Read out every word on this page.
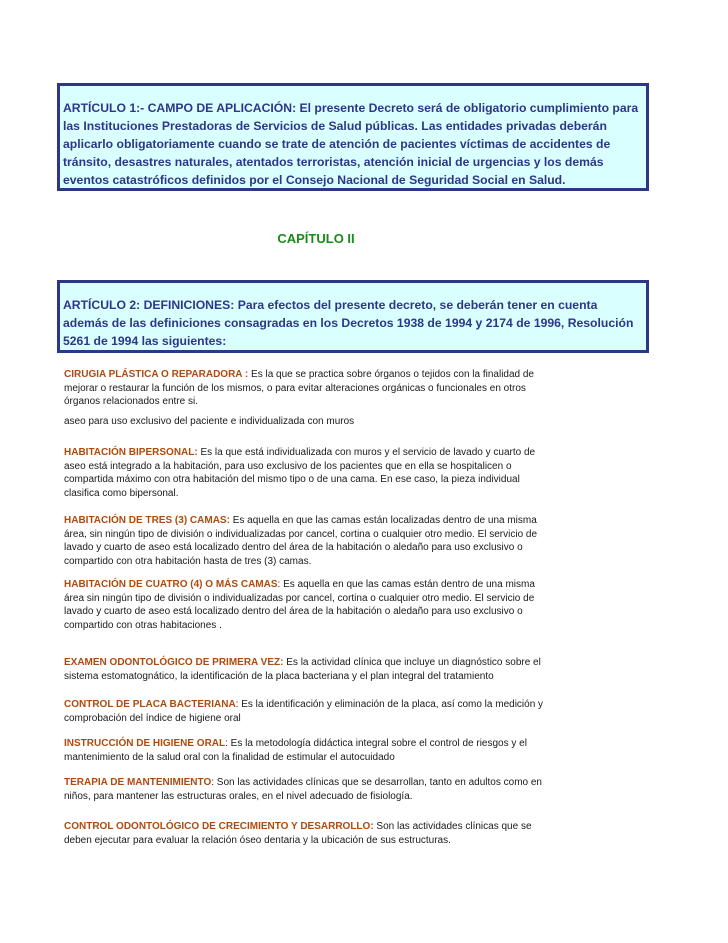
ARTÍCULO 1:- CAMPO DE APLICACIÓN: El presente Decreto será de obligatorio cumplimiento para las Instituciones Prestadoras de Servicios de Salud públicas. Las entidades privadas deberán aplicarlo obligatoriamente cuando se trate de atención de pacientes víctimas de accidentes de tránsito, desastres naturales, atentados terroristas, atención inicial de urgencias y los demás eventos catastróficos definidos por el Consejo Nacional de Seguridad Social en Salud.
CAPÍTULO II
ARTÍCULO 2: DEFINICIONES: Para efectos del presente decreto, se deberán tener en cuenta además de las definiciones consagradas en los Decretos 1938 de 1994 y 2174 de 1996, Resolución 5261 de 1994 las siguientes:
CIRUGIA PLÁSTICA O REPARADORA : Es la que se practica sobre órganos o tejidos con la finalidad de mejorar o restaurar la función de los mismos, o para evitar alteraciones orgánicas o funcionales en otros órganos relacionados entre si.
aseo para uso exclusivo del paciente e individualizada con muros
HABITACIÓN BIPERSONAL: Es la que está individualizada con muros y el servicio de lavado y cuarto de aseo está integrado a la habitación, para uso exclusivo de los pacientes que en ella se hospitalicen o compartida máximo con otra habitación del mismo tipo o de una cama. En ese caso, la pieza individual clasifica como bipersonal.
HABITACIÓN DE TRES (3) CAMAS: Es aquella en que las camas están localizadas dentro de una misma área, sin ningún tipo de división o individualizadas por cancel, cortina o cualquier otro medio. El servicio de lavado y cuarto de aseo está localizado dentro del área de la habitación o aledaño para uso exclusivo o compartido con otra habitación hasta de tres (3) camas.
HABITACIÓN DE CUATRO (4) O MÁS CAMAS: Es aquella en que las camas están dentro de una misma área sin ningún tipo de división o individualizadas por cancel, cortina o cualquier otro medio. El servicio de lavado y cuarto de aseo está localizado dentro del área de la habitación o aledaño para uso exclusivo o compartido con otras habitaciones .
EXAMEN ODONTOLÓGICO DE PRIMERA VEZ: Es la actividad clínica que incluye un diagnóstico sobre el sistema estomatognático, la identificación de la placa bacteriana y el plan integral del tratamiento
CONTROL DE PLACA BACTERIANA: Es la identificación y eliminación de la placa, así como la medición y comprobación del índice de higiene oral
INSTRUCCIÓN DE HIGIENE ORAL: Es la metodología didáctica integral sobre el control de riesgos y el mantenimiento de la salud oral con la finalidad de estimular el autocuidado
TERAPIA DE MANTENIMIENTO: Son las actividades clínicas que se desarrollan, tanto en adultos como en niños, para mantener las estructuras orales, en el nivel adecuado de fisiología.
CONTROL ODONTOLÓGICO DE CRECIMIENTO Y DESARROLLO: Son las actividades clínicas que se deben ejecutar para evaluar la relación óseo dentaria y la ubicación de sus estructuras.
